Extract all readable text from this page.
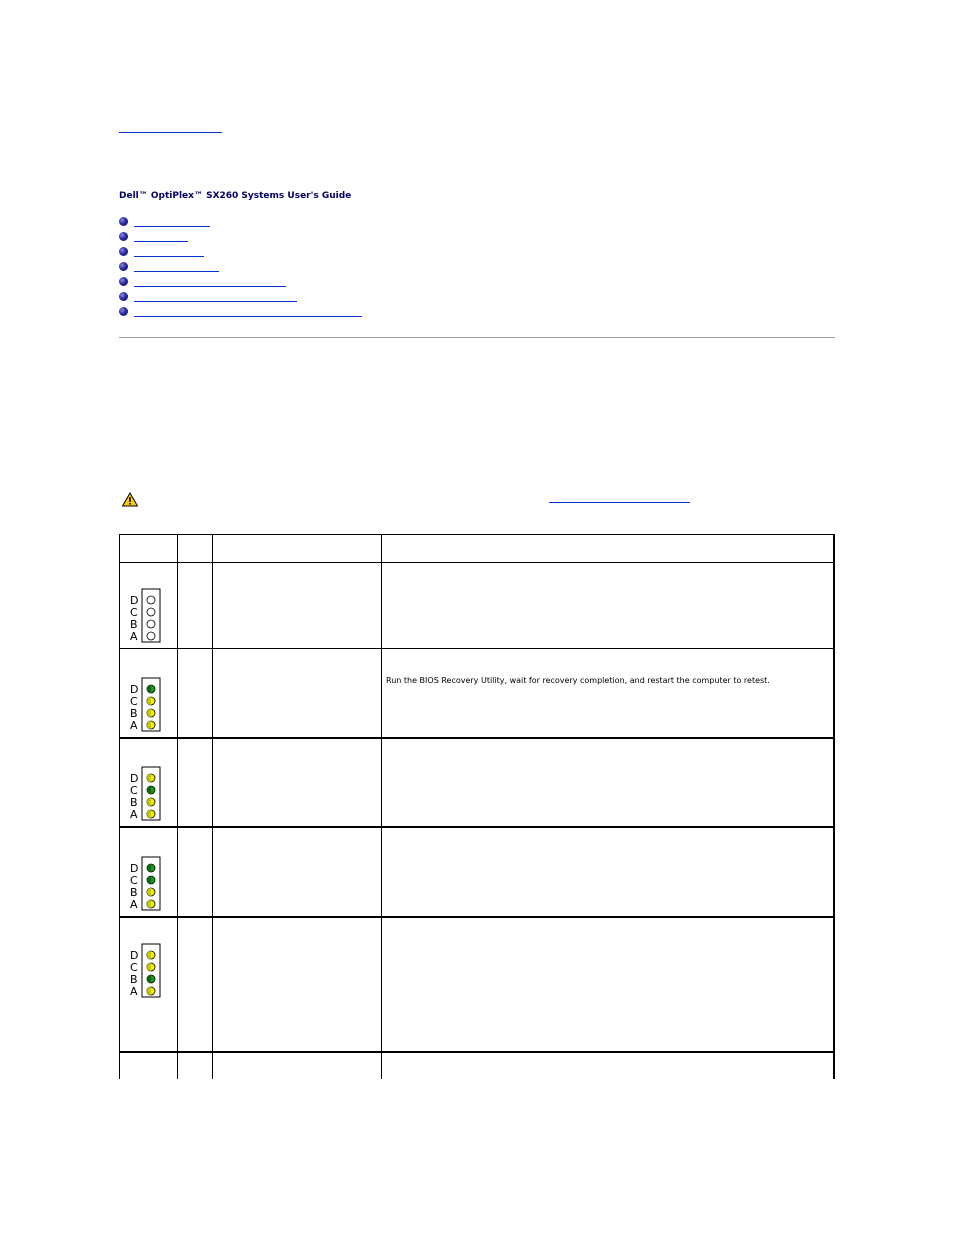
Dell™ OptiPlex™ SX260 Systems User's Guide
Run the BIOS Recovery Utility, wait for recovery completion, and restart the computer to retest.
D
C
B
A
D
C
B
A
D
C
B
A
D
C
B
A
D
C
B
A
